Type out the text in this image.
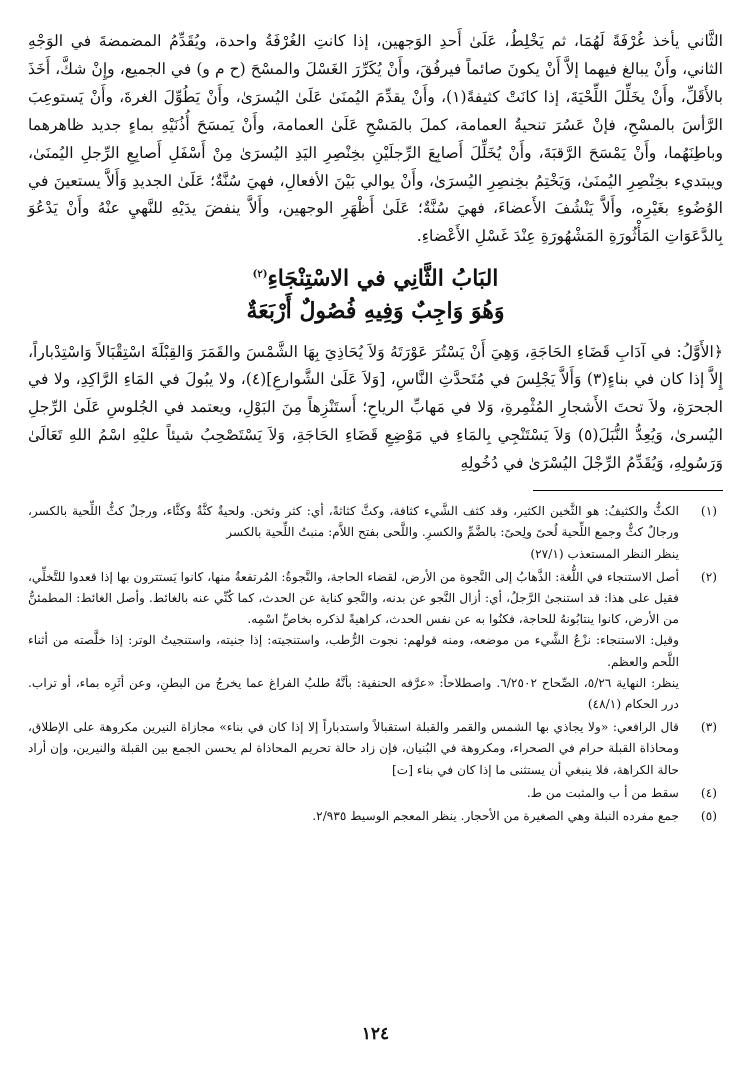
الثَّاني يأخذ غُرْفَةً لَهُمَا، ثم يَخْلِطُ، عَلَىٰ أَحدِ الوَجهين، إذا كانتِ الغُرْفَةُ واحدة، ويُقَدِّمُ المضمضةَ في الوَجْهِ الثاني، وأَنْ يبالغ فيهما إلاَّ أَنْ يكونَ صائماً فيرفُقَ، وأَنْ يُكَرِّرَ الغَسْلَ والمسْحَ (ح م و) في الجميع، وإِنْ شكَّ، أَخَذَ بالأَقَلِّ، وأَنْ يخَلِّلَ اللِّحْيَةَ، إذا كانَتْ كثيفةً(١)، وأَنْ يقدِّمَ اليُمنَىٰ عَلَىٰ اليُسرَىٰ، وأَنْ يَطُوِّلَ الغرةَ، وأَنْ يَستوعِبَ الرَّأسَ بالمسْحِ، فإنْ عَسُرَ تنحيةُ العمامة، كملَ بالمَسْحِ عَلَىٰ العمامة، وأَنْ يَمسَحَ أُذُنَيْهِ بماءٍ جديد ظاهرهما وباطِنَهُما، وأَنْ يَمْسَحَ الرَّقبَةَ، وأَنْ يُخَلِّلَ أَصابِعَ الرِّجلَيْنِ بخِنْصِرِ اليَدِ اليُسرَىٰ مِنْ أَسْفَلِ أَصابِعِ الرِّجلِ اليُمنَىٰ، ويبتديء بخِنْصِرِ اليُمنَىٰ، وَيَخْتِمُ بخِنصِرِ اليُسرَىٰ، وأَنْ يوالي بَيْنَ الأفعالِ، فهيَ سُنَّةٌ؛ عَلَىٰ الجديدِ وَأَلاَّ يستعينَ في الوُضُوءِ بغَيْرِه، وأَلاَّ يَنْشُفَ الأَعضاءَ، فهيَ سُنَّةٌ؛ عَلَىٰ أَظْهَرِ الوجهين، وأَلاَّ ينفضَ يدَيْهِ للنَّهيِ عنْهُ وأَنْ يَدْعُوَ بِالدَّعَوَاتِ المَأْثُورَةِ المَشْهُورَةِ عِنْدَ غَسْلِ الأَعْضاءِ.

البَابُ الثَّانِي في الاسْتِنْجَاءِ$^{(٢)}$
وَهُوَ وَاجِبٌ وَفِيهِ فُصُولٌ أَرْبَعَةٌ

﴿الأَوَّلُ: في آدَابِ قَضَاءِ الحَاجَةِ، وَهِيَ أَنْ يَسْتُرَ عَوْرَتَهُ وَلاَ يُحَاذِيَ بِهَا الشَّمْسَ والقَمَرَ وَالقِبْلَةَ اسْتِقْبَالاً وَاسْتِدْباراً، إِلاَّ إذا كان في بناءٍ(٣) وَأَلاَّ يَجْلِسَ في مُتَحدَّثِ النَّاسِ، [وَلاَ عَلَىٰ الشَّوارعِ](٤)، ولا يبُولَ في المَاءِ الرَّاكِدِ، ولا في الجحرَةِ، ولاَ تحتَ الأَشجارِ المُثْمِرةِ، وَلا في مَهابِّ الرياحِ؛ أَستَنْزِهاً مِنَ البَوْلِ، ويعتمد في الجُلوسِ عَلَىٰ الرِّجلِ اليُسرىٰ، وَيُعِدُّ النُّبَلَ(٥) وَلاَ يَسْتَنْجِي بِالمَاءِ في مَوْضِعِ قَضَاءِ الحَاجَةِ، وَلاَ يَسْتَصْحِبُ شيئاً عليْهِ اسْمُ اللهِ تَعَالَىٰ وَرَسُولِهِ، وَيُقَدِّمُ الرِّجْلَ اليُسْرَىٰ في دُخُولِهِ

(١)

الكثُّ والكثيفُ: هو الثَّخين الكثير، وقد كثف الشَّيء كثافة، وكثَّ كثاثةً، أي: كثر وثخن. ولحيةٌ كثَّةٌ وكثَّاء، ورجلٌ كثُّ اللِّحية بالكسر، ورجالٌ كثٌّ وجمع اللِّحية لُحىً ولِحىً: بالضَّمِّ والكسرِ. واللَّحى بفتح اللاَّم: منبتُ اللِّحية بالكسر

ينظر النظر المستعذب (٢٧/١)

(٢)

أصل الاستنجاء في اللُّغة: الذَّهابُ إلى النَّجوة من الأرض، لقضاء الحاجة، والنَّجوةُ: المُرتفعةُ منها، كانوا يَستترون بها إذا قعدوا للتَّخلِّي، فقيل على هذا: قد استنجىٰ الرَّجلُ، أي: أزال النَّجو عن بدنه، والنَّجو كناية عن الحدث، كما كُنِّي عنه بالغائط. وأصل الغائط: المطمئنُّ من الأرض، كانوا ينتابُونهُ للحاجة، فكنُوا به عن نفس الحدث، كراهيةً لذكره بخاصِّ اسْمِه.

وقيل: الاستنجاء: نزْعُ الشَّيء من موضعه، ومنه قولهم: نجوت الرُّطب، واستنجيته: إذا جنيته، واستنجيتُ الوتر: إذا خلَّصته من أثناء اللَّحم والعظم.

ينظر: النهاية ٥/٢٦، الصِّحاح ٦/٢٥٠٢. واصطلاحاً: «عرَّفه الحنفية: بأنَّهُ طلبُ الفراغ عما يخرجُ من البطنِ، وعن أثَرِه بماء، أو تراب. درر الحكام (٤٨/١)

(٣)

قال الرافعي: «ولا يجاذي بها الشمس والقمر والقبلة استقبالاً واستدباراً إلا إذا كان في بناء» مجازاة النيرين مكروهة على الإطلاق، ومحاذاة القبلة حرام في الصحراء، ومكروهة في البُنيان، فإن زاد حالة تحريم المحاذاة لم يحسن الجمع بين القبلة والنيرين، وإن أراد حالة الكراهة، فلا ينبغي أن يستثنى ما إذا كان في بناء [ت]

(٤)

سقط من أ ب والمثبت من ط.

(٥)

جمع مفرده النبلة وهي الصغيرة من الأحجار. ينظر المعجم الوسيط ٢/٩٣٥.

١٢٤
